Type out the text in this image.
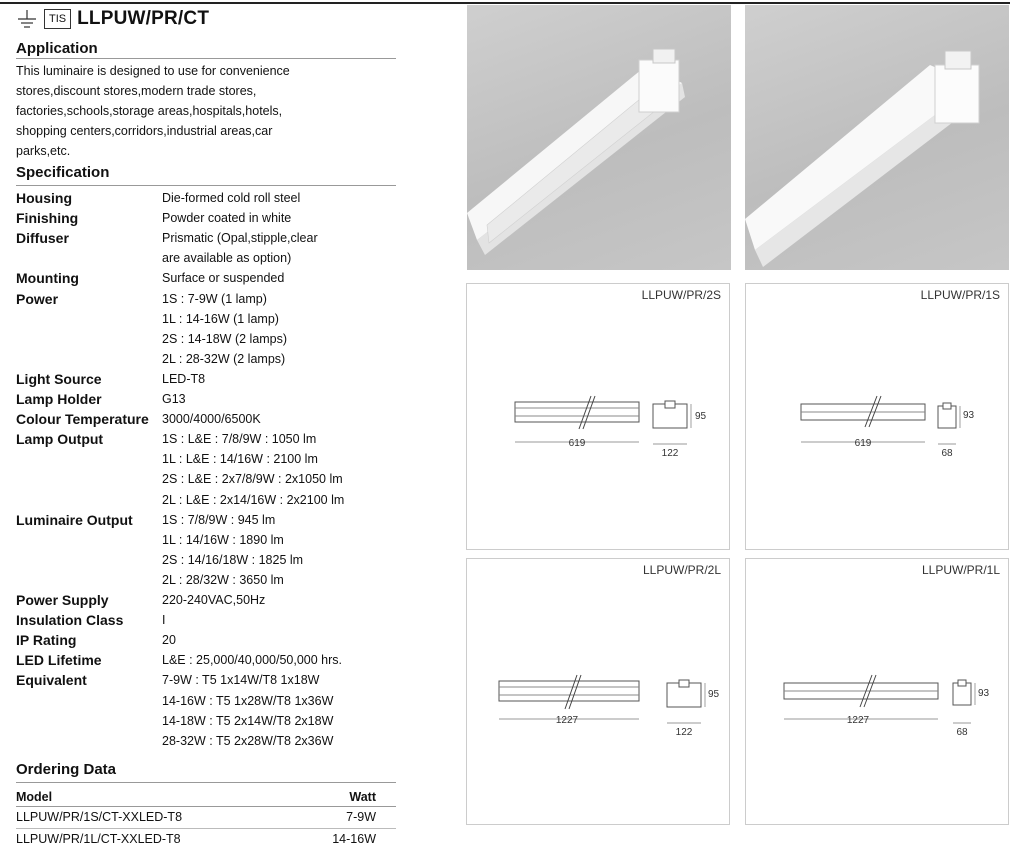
TIS LLPUW/PR/CT
Application
This luminaire is designed to use for convenience stores,discount stores,modern trade stores, factories,schools,storage areas,hospitals,hotels, shopping centers,corridors,industrial areas,car parks,etc.
Specification
Housing	Die-formed cold roll steel
Finishing	Powder coated in white
Diffuser	Prismatic (Opal,stipple,clear
are available as option)
Mounting	Surface or suspended
Power	1S : 7-9W (1 lamp)
1L : 14-16W (1 lamp)
2S : 14-18W (2 lamps)
2L : 28-32W (2 lamps)
Light Source	LED-T8
Lamp Holder	G13
Colour Temperature	3000/4000/6500K
Lamp Output	1S : L&E : 7/8/9W : 1050 lm
1L : L&E : 14/16W : 2100 lm
2S : L&E : 2x7/8/9W : 2x1050 lm
2L : L&E : 2x14/16W : 2x2100 lm
Luminaire Output	1S : 7/8/9W : 945 lm
1L : 14/16W : 1890 lm
2S : 14/16/18W : 1825 lm
2L : 28/32W : 3650 lm
Power Supply	220-240VAC,50Hz
Insulation Class	I
IP Rating	20
LED Lifetime	L&E : 25,000/40,000/50,000 hrs.
Equivalent	7-9W : T5 1x14W/T8 1x18W
14-16W : T5 1x28W/T8 1x36W
14-18W : T5 2x14W/T8 2x18W
28-32W : T5 2x28W/T8 2x36W
Ordering Data
Model	Watt
LLPUW/PR/1S/CT-XXLED-T8	7-9W
LLPUW/PR/1L/CT-XXLED-T8	14-16W
LLPUW/PR/2S
619
122
95
LLPUW/PR/1S
619
68
93
LLPUW/PR/2L
1227
122
95
LLPUW/PR/1L
1227
68
93
